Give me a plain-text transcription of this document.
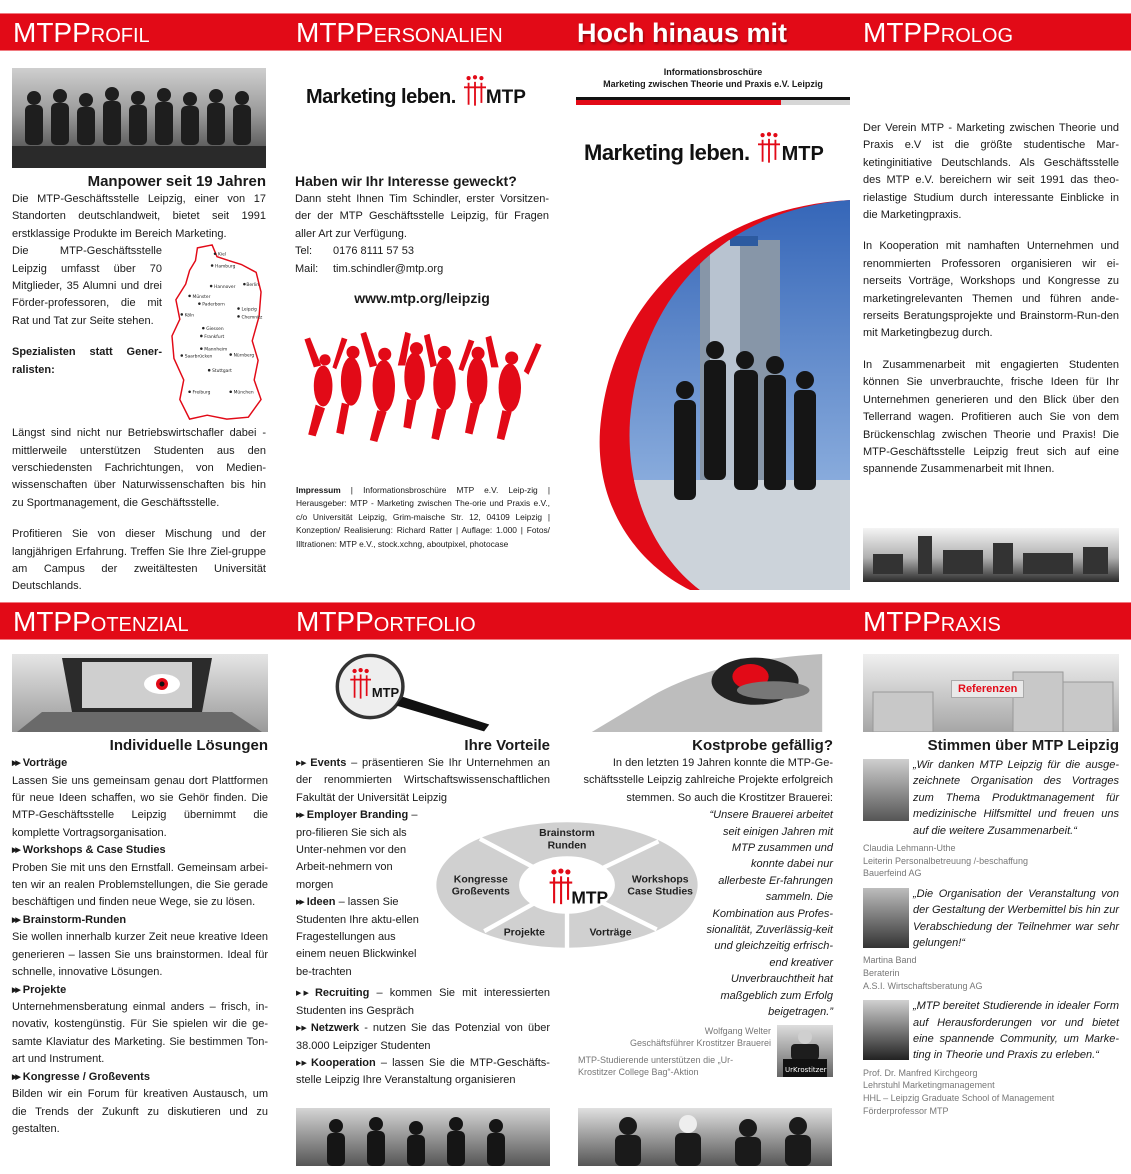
MTPProfil	MTPPersonalien	Hoch hinaus mit	MTPProlog
MTPPotenzial	MTPPortfolio	MTPPraxis
Manpower seit 19 Jahren
Die MTP-Geschäftsstelle Leipzig, einer von 17 Standorten deutschlandweit, bietet seit 1991 erstklassige Produkte im Bereich Marketing.
Die MTP-Geschäftsstelle Leipzig umfasst über 70 Mitglieder, 35 Alumni und drei Förder-professoren, die mit Rat und Tat zur Seite stehen.
Spezialisten statt Gener-ralisten:
Kiel
Hamburg
Hannover Berlin
Münster
Paderborn
Köln
Leipzig
Chemnitz
Giessen
Frankfurt
Mannheim
Saarbrücken	Nürnberg
Stuttgart
Freiburg	München
Längst sind nicht nur Betriebswirtschafler dabei - mittlerweile unterstützen Studenten aus den verschiedensten Fachrichtungen, von Medien-wissenschaften über Naturwissenschaften bis hin zu Sportmanagement, die Geschäftsstelle.
Profitieren Sie von dieser Mischung und der langjährigen Erfahrung. Treffen Sie Ihre Ziel-gruppe am Campus der zweitältesten Universität Deutschlands.
Marketing leben.	MTP
Haben wir Ihr Interesse geweckt?
Dann steht Ihnen Tim Schindler, erster Vorsitzen-der der MTP Geschäftsstelle Leipzig, für Fragen aller Art zur Verfügung.
Tel: 0176 8111 57 53
Mail: tim.schindler@mtp.org
www.mtp.org/leipzig
Impressum | Informationsbroschüre MTP e.V. Leip-zig | Herausgeber: MTP - Marketing zwischen The-orie und Praxis e.V., c/o Universität Leipzig, Grim-maische Str. 12, 04109 Leipzig | Konzeption/ Realisierung: Richard Ratter | Auflage: 1.000 | Fotos/ Illtrationen: MTP e.V., stock.xchng, aboutpixel, photocase
Informationsbroschüre
Marketing zwischen Theorie und Praxis e.V. Leipzig
Marketing leben.	MTP
Der Verein MTP - Marketing zwischen Theorie und Praxis e.V ist die größte studentische Mar-ketinginitiative Deutschlands. Als Geschäftsstelle des MTP e.V. bereichern wir seit 1991 das theo-rielastige Studium durch interessante Einblicke in die Marketingpraxis.
In Kooperation mit namhaften Unternehmen und renommierten Professoren organisieren wir ei-nerseits Vorträge, Workshops und Kongresse zu marketingrelevanten Themen und führen ande-rerseits Beratungsprojekte und Brainstorm-Run-den mit Marketingbezug durch.
In Zusammenarbeit mit engagierten Studenten können Sie unverbrauchte, frische Ideen für Ihr Unternehmen generieren und den Blick über den Tellerrand wagen. Profitieren auch Sie von dem Brückenschlag zwischen Theorie und Praxis! Die MTP-Geschäftsstelle Leipzig freut sich auf eine spannende Zusammenarbeit mit Ihnen.
Individuelle Lösungen
▶▶ Vorträge
Lassen Sie uns gemeinsam genau dort Plattformen für neue Ideen schaffen, wo sie Gehör finden. Die MTP-Geschäftsstelle Leipzig übernimmt die komplette Vortragsorganisation.
▶▶ Workshops & Case Studies
Proben Sie mit uns den Ernstfall. Gemeinsam arbei-ten wir an realen Problemstellungen, die Sie gerade beschäftigen und finden neue Wege, sie zu lösen.
▶▶ Brainstorm-Runden
Sie wollen innerhalb kurzer Zeit neue kreative Ideen generieren – lassen Sie uns brainstormen. Ideal für schnelle, innovative Lösungen.
▶▶ Projekte
Unternehmensberatung einmal anders – frisch, in-novativ, kostengünstig. Für Sie spielen wir die ge-samte Klaviatur des Marketing. Sie bestimmen Ton-art und Instrument.
▶▶ Kongresse / Großevents
Bilden wir ein Forum für kreativen Austausch, um die Trends der Zukunft zu diskutieren und zu gestalten.
MTP
MTP
Brainstorm
Runden
Workshops
Case Studies
Vorträge
Projekte
Kongresse
Großevents
Ihre Vorteile
▶▶ Events – präsentieren Sie Ihr Unternehmen an der renommierten Wirtschaftswissenschaftlichen Fakultät der Universität Leipzig
▶▶ Employer Branding – pro-filieren Sie sich als Unter-nehmen vor den Arbeit-nehmern von morgen
▶▶ Ideen – lassen Sie Studenten Ihre aktu-ellen Fragestellungen aus einem neuen Blickwinkel be-trachten
▶▶ Recruiting – kommen Sie mit interessierten Studenten ins Gespräch
▶▶ Netzwerk - nutzen Sie das Potenzial von über 38.000 Leipziger Studenten
▶▶ Kooperation – lassen Sie die MTP-Geschäfts-stelle Leipzig Ihre Veranstaltung organisieren
Kostprobe gefällig?
In den letzten 19 Jahren konnte die MTP-Ge-schäftsstelle Leipzig zahlreiche Projekte erfolgreich stemmen. So auch die Krostitzer Brauerei:
“Unsere Brauerei arbeitet seit einigen Jahren mit MTP zusammen und konnte dabei nur allerbeste Er-fahrungen sammeln. Die Kombination aus Profes-sionalität, Zuverlässig-keit und gleichzeitig erfrisch-end kreativer Unverbrauchtheit hat maßgeblich zum Erfolg beigetragen.”
Wolfgang Welter
Geschäftsführer Krostitzer Brauerei
MTP-Studierende unterstützen die „Ur-Krostitzer College Bag“-Aktion	UrKrostitzer
Referenzen
Stimmen über MTP Leipzig
„Wir danken MTP Leipzig für die ausge-zeichnete Organisation des Vortrages zum Thema Produktmanagement für medizinische Hilfsmittel und freuen uns auf die weitere Zusammenarbeit.“
Claudia Lehmann-Uthe
Leiterin Personalbetreuung /-beschaffung
Bauerfeind AG
„Die Organisation der Veranstaltung von der Gestaltung der Werbemittel bis hin zur Verabschiedung der Teilnehmer war sehr gelungen!“
Martina Band
Beraterin
A.S.I. Wirtschaftsberatung AG
„MTP bereitet Studierende in idealer Form auf Herausforderungen vor und bietet eine spannende Community, um Marke-ting in Theorie und Praxis zu erleben.“
Prof. Dr. Manfred Kirchgeorg
Lehrstuhl Marketingmanagement
HHL – Leipzig Graduate School of Management
Förderprofessor MTP
